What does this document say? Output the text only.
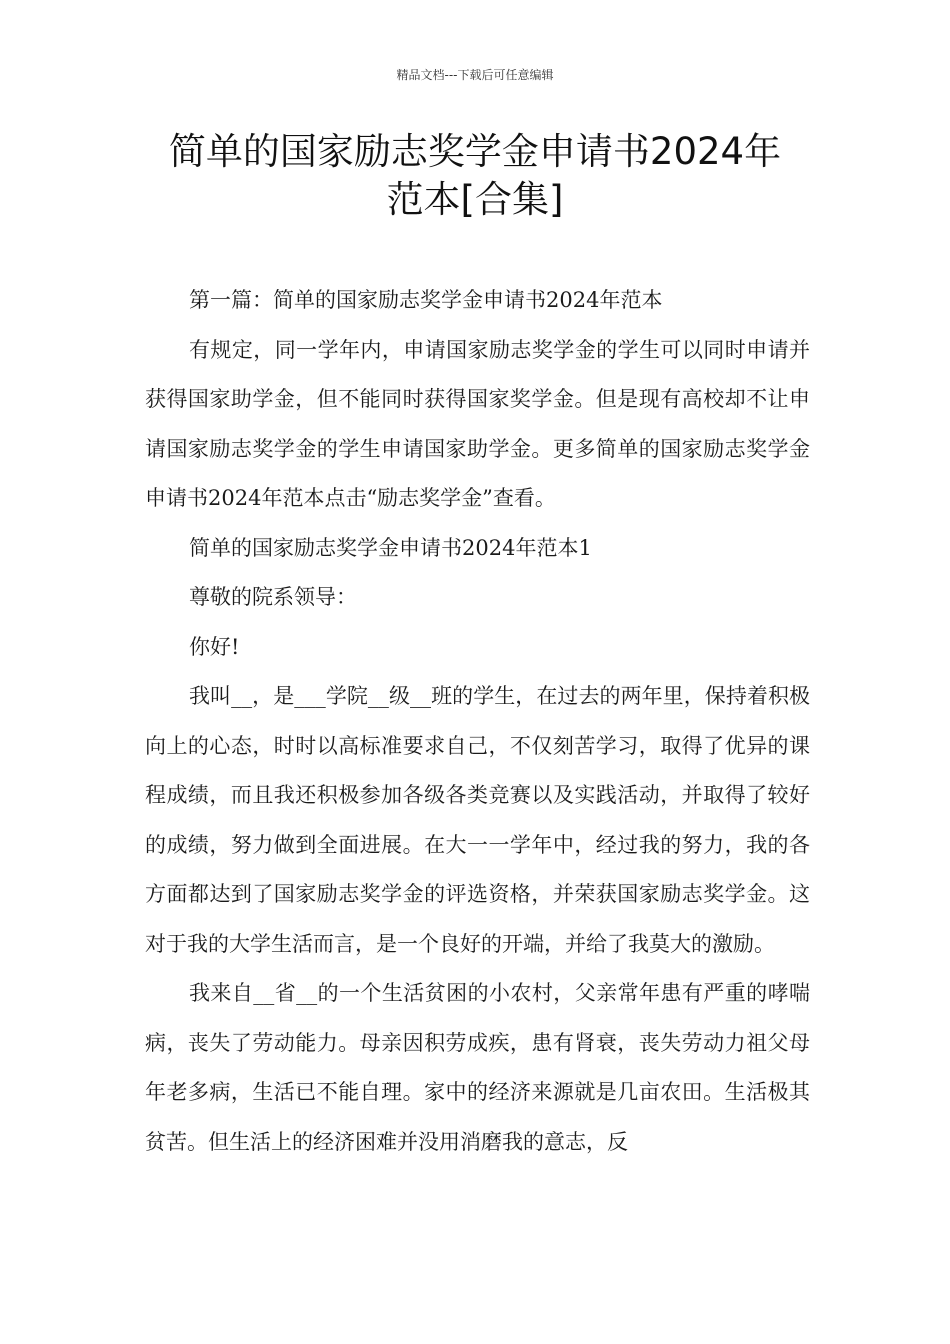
精品文档---下载后可任意编辑
简单的国家励志奖学金申请书2024年
范本[合集]

第一篇：简单的国家励志奖学金申请书2024年范本

有规定，同一学年内，申请国家励志奖学金的学生可以同时申请并获得国家助学金，但不能同时获得国家奖学金。但是现有高校却不让申请国家励志奖学金的学生申请国家助学金。更多简单的国家励志奖学金申请书2024年范本点击“励志奖学金”查看。

简单的国家励志奖学金申请书2024年范本1

尊敬的院系领导：

你好!

我叫__，是___学院__级__班的学生，在过去的两年里，保持着积极向上的心态，时时以高标准要求自己，不仅刻苦学习，取得了优异的课程成绩，而且我还积极参加各级各类竞赛以及实践活动，并取得了较好的成绩，努力做到全面进展。在大一一学年中，经过我的努力，我的各方面都达到了国家励志奖学金的评选资格，并荣获国家励志奖学金。这对于我的大学生活而言，是一个良好的开端，并给了我莫大的激励。

我来自__省__的一个生活贫困的小农村，父亲常年患有严重的哮喘病，丧失了劳动能力。母亲因积劳成疾，患有肾衰，丧失劳动力祖父母年老多病，生活已不能自理。家中的经济来源就是几亩农田。生活极其贫苦。但生活上的经济困难并没用消磨我的意志，反
